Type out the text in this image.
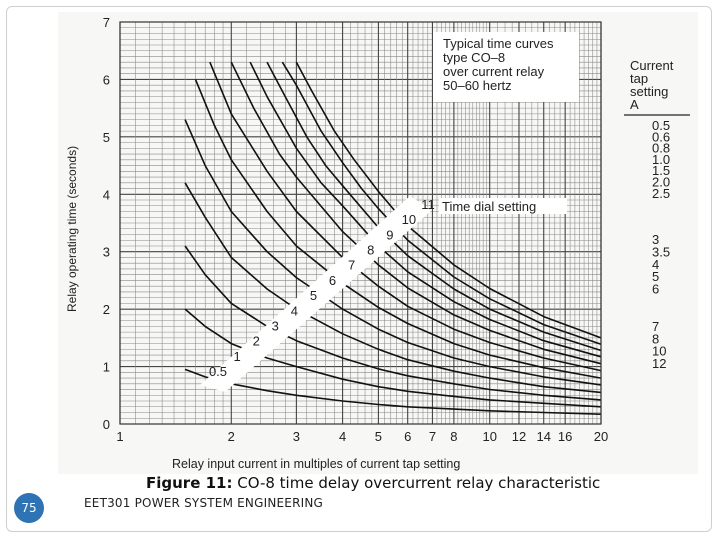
0.5
1
2
3
4
5
6
7
8
9
10
11
1	2	3	4 5 6 7 8 10 12 14 16 20
0
1
2
3
4
5
6
7
Typical time curves type CO–8 over current relay 50–60 hertz
Time dial setting
Relay operating time (seconds)
Relay input current in multiples of current tap setting
Current tap setting A
0.5
0.6
0.8
1.0
1.5
2.0
2.5
3
3.5
4
5
6
7
8
10
12
Figure 11: CO-8 time delay overcurrent relay characteristic
75	EET301 POWER SYSTEM ENGINEERING
